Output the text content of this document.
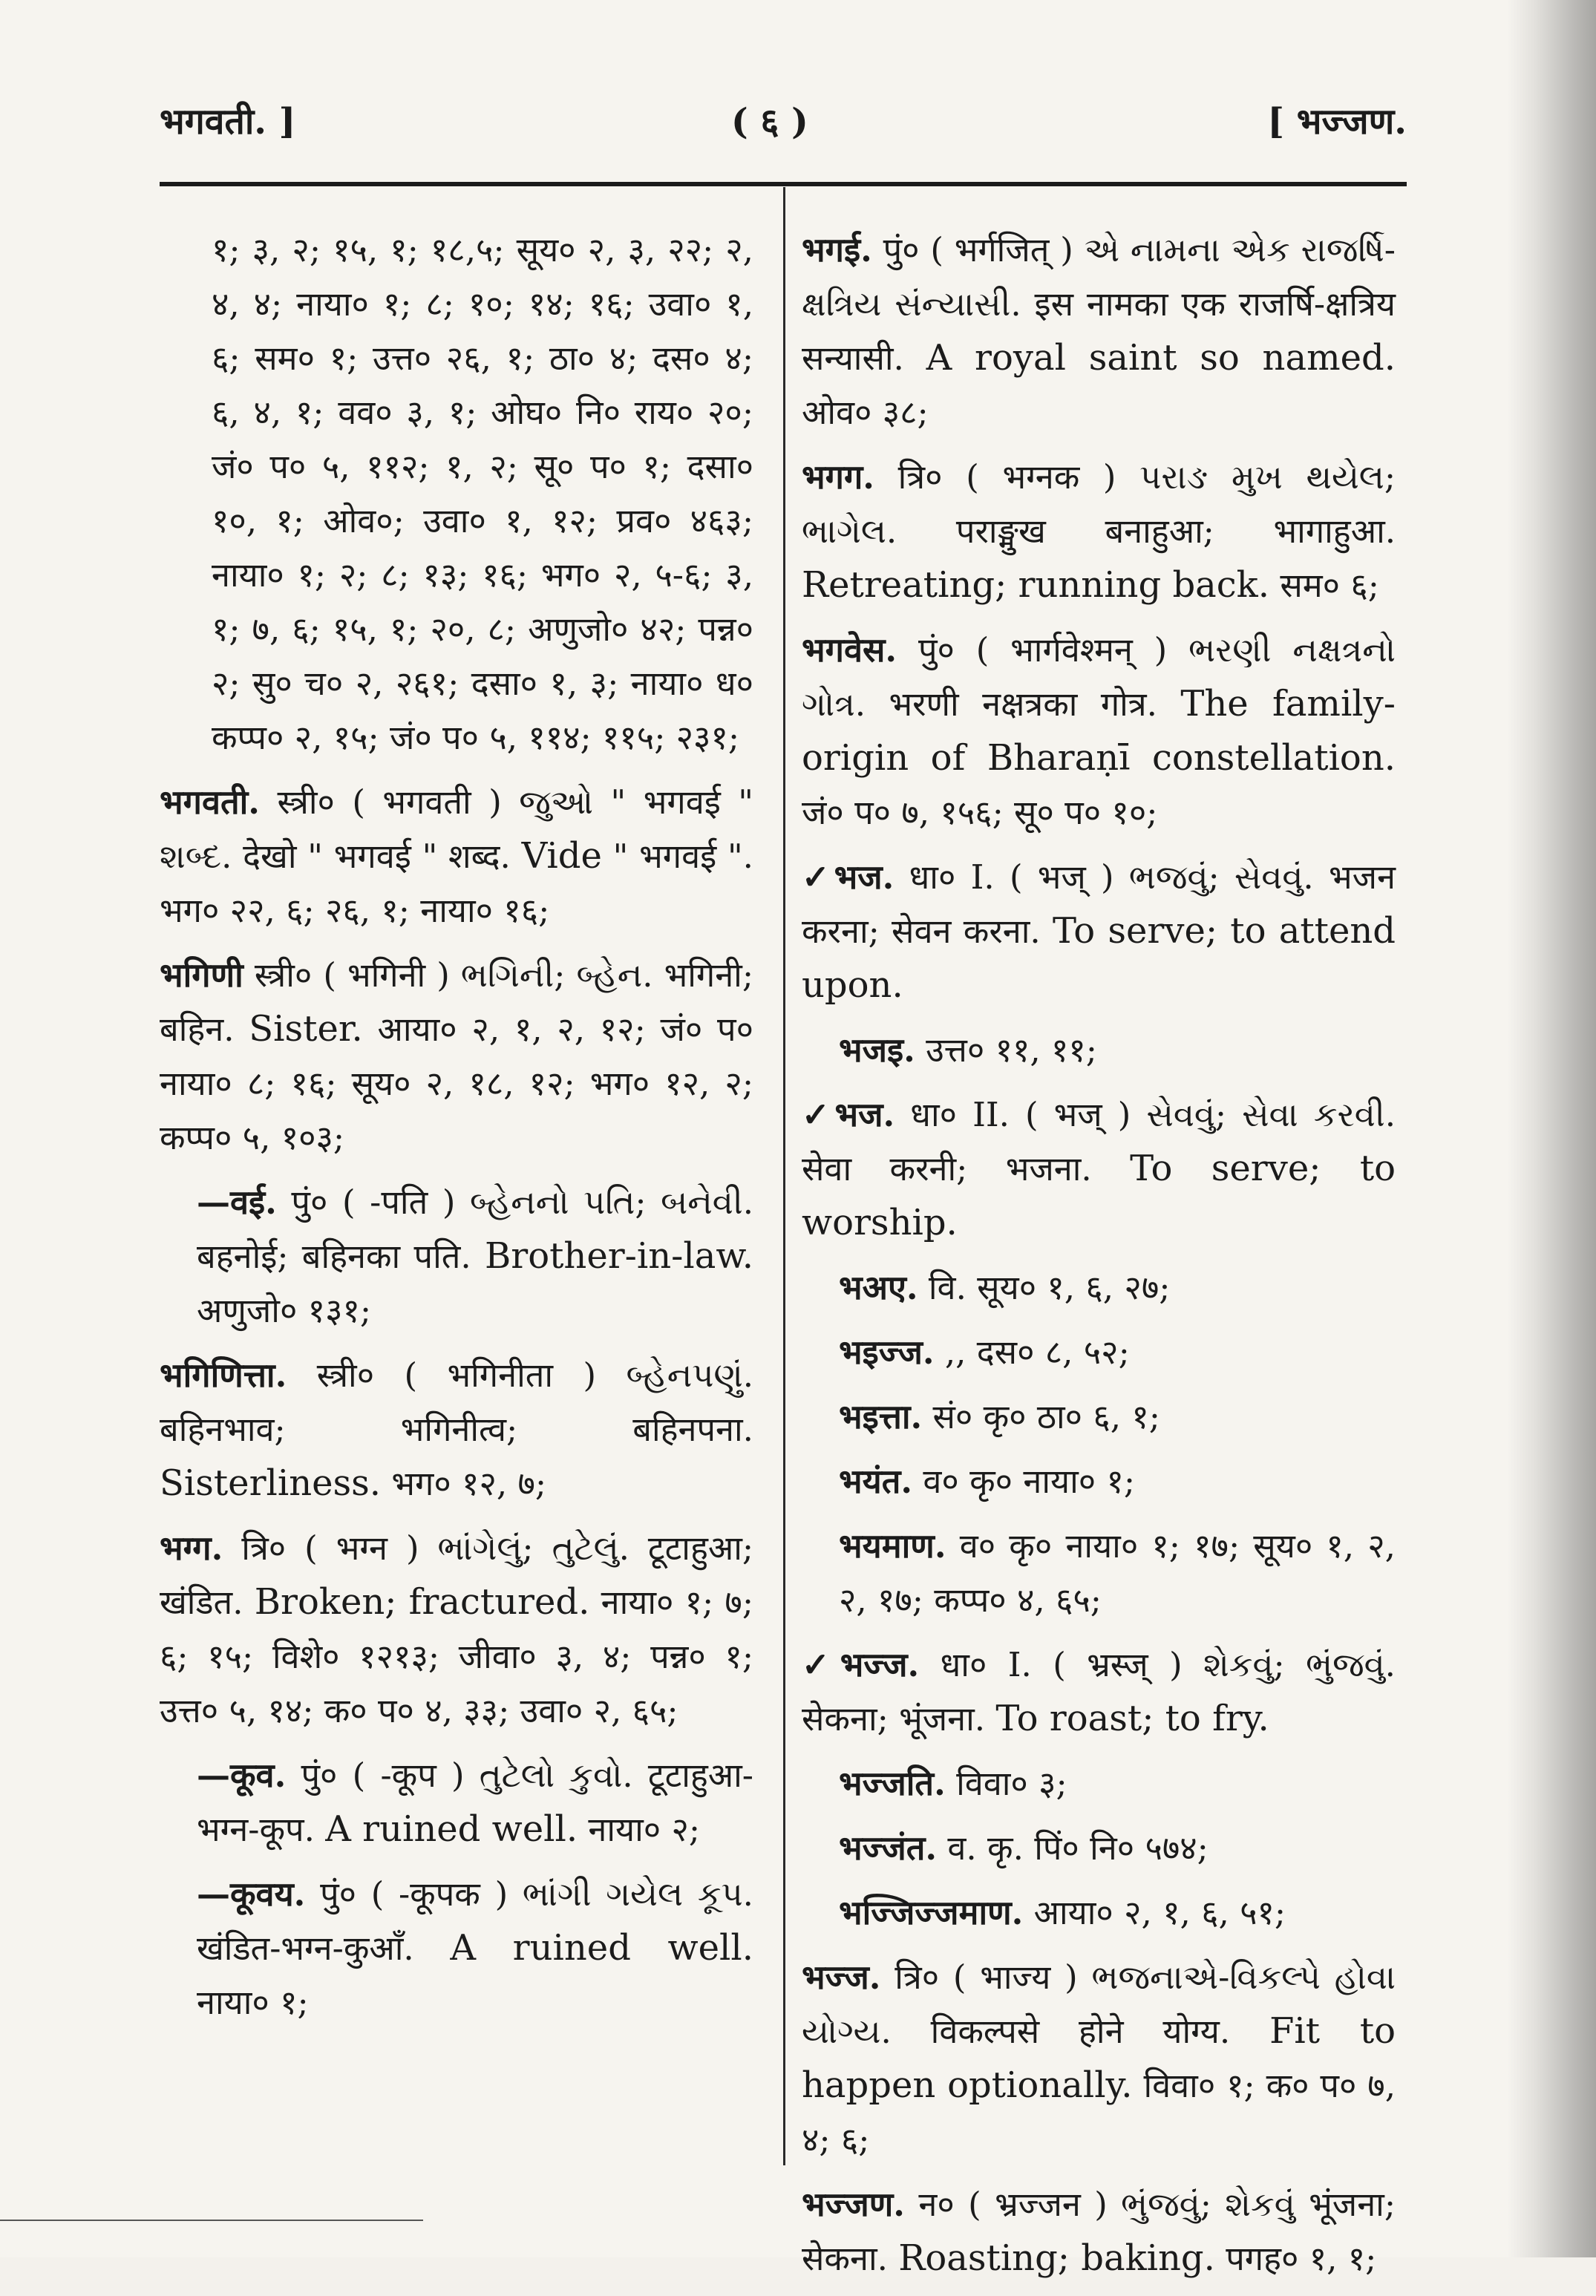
भगवती. ]	( ६ )	[ भज्जण.
१; ३, २; १५, १; १८,५; सूय० २, ३, २२; २, ४, ४; नाया० १; ८; १०; १४; १६; उवा० १, ६; सम० १; उत्त० २६, १; ठा० ४; दस० ४; ६, ४, १; वव० ३, १; ओघ० नि० राय० २०; जं० प० ५, ११२; १, २; सू० प० १; दसा० १०, १; ओव०; उवा० १, १२; प्रव० ४६३; नाया० १; २; ८; १३; १६; भग० २, ५-६; ३, १; ७, ६; १५, १; २०, ८; अणुजो० ४२; पन्न० २; सु० च० २, २६१; दसा० १, ३; नाया० ध० कप्प० २, १५; जं० प० ५, ११४; ११५; २३१;
भगवती. स्त्री० ( भगवती ) જુઓ " भगवई " શબ્દ. देखो " भगवई " शब्द. Vide " भगवई ". भग० २२, ६; २६, १; नाया० १६;
भगिणी स्त्री० ( भगिनी ) ભગિની; બ્હેન. भगिनी; बहिन. Sister. आया० २, १, २, १२; जं० प० नाया० ८; १६; सूय० २, १८, १२; भग० १२, २; कप्प० ५, १०३;
—वई. पुं० ( -पति ) બ્હેનનો પતિ; બનેવી. बहनोई; बहिनका पति. Brother-in-law. अणुजो० १३१;
भगिणित्ता. स्त्री० ( भगिनीता ) બ્હેનપણું. बहिनभाव; भगिनीत्व; बहिनपना. Sisterliness. भग० १२, ७;
भग्ग. त्रि० ( भग्न ) ભાંગેલું; તુટેલું. टूटाहुआ; खंडित. Broken; fractured. नाया० १; ७; ६; १५; विशे० १२१३; जीवा० ३, ४; पन्न० १; उत्त० ५, १४; क० प० ४, ३३; उवा० २, ६५;
—कूव. पुं० ( -कूप ) તુટેલો કુવો. टूटाहुआ-भग्न-कूप. A ruined well. नाया० २;
—कूवय. पुं० ( -कूपक ) ભાંગી ગયેલ કૂપ. खंडित-भग्न-कुआँ. A ruined well. नाया० १;
भगई. पुं० ( भर्गजित् ) એ નામના એક રાજર્ષિ-ક્ષત્રિય સંન્યાસી. इस नामका एक राजर्षि-क्षत्रिय सन्यासी. A royal saint so named. ओव० ३८;
भगग. त्रि० ( भग्नक ) પરાઙ મુખ થયેલ; ભાગેલ. पराङ्मुख बनाहुआ; भागाहुआ. Retreating; running back. सम० ६;
भगवेस. पुं० ( भार्गवेश्मन् ) ભરણી નક્ષત્રનો ગોત્ર. भरणी नक्षत्रका गोत्र. The family-origin of Bharaṇī constellation. जं० प० ७, १५६; सू० प० १०;
✓भज. धा० I. ( भज् ) ભજવું; સેવવું. भजन करना; सेवन करना. To serve; to attend upon.
भजइ. उत्त० ११, ११;
✓भज. धा० II. ( भज् ) સેવવું; સેવા કરવી. सेवा करनी; भजना. To serve; to worship.
भअए. वि. सूय० १, ६, २७;
भइज्ज. ,, दस० ८, ५२;
भइत्ता. सं० कृ० ठा० ६, १;
भयंत. व० कृ० नाया० १;
भयमाण. व० कृ० नाया० १; १७; सूय० १, २, २, १७; कप्प० ४, ६५;
✓भज्ज. धा० I. ( भ्रस्ज् ) શેકવું; ભુંજવું. सेकना; भूंजना. To roast; to fry.
भज्जति. विवा० ३;
भज्जंत. व. कृ. पिं० नि० ५७४;
भज्जिज्जमाण. आया० २, १, ६, ५१;
भज्ज. त्रि० ( भाज्य ) ભજનાએ-વિકલ્પે હોવા યોગ્ય. विकल्पसे होने योग्य. Fit to happen optionally. विवा० १; क० प० ७, ४; ६;
भज्जण. न० ( भ्रज्जन ) ભુંજવું; શેકવું भूंजना; सेकना. Roasting; baking. पगह० १, १;
